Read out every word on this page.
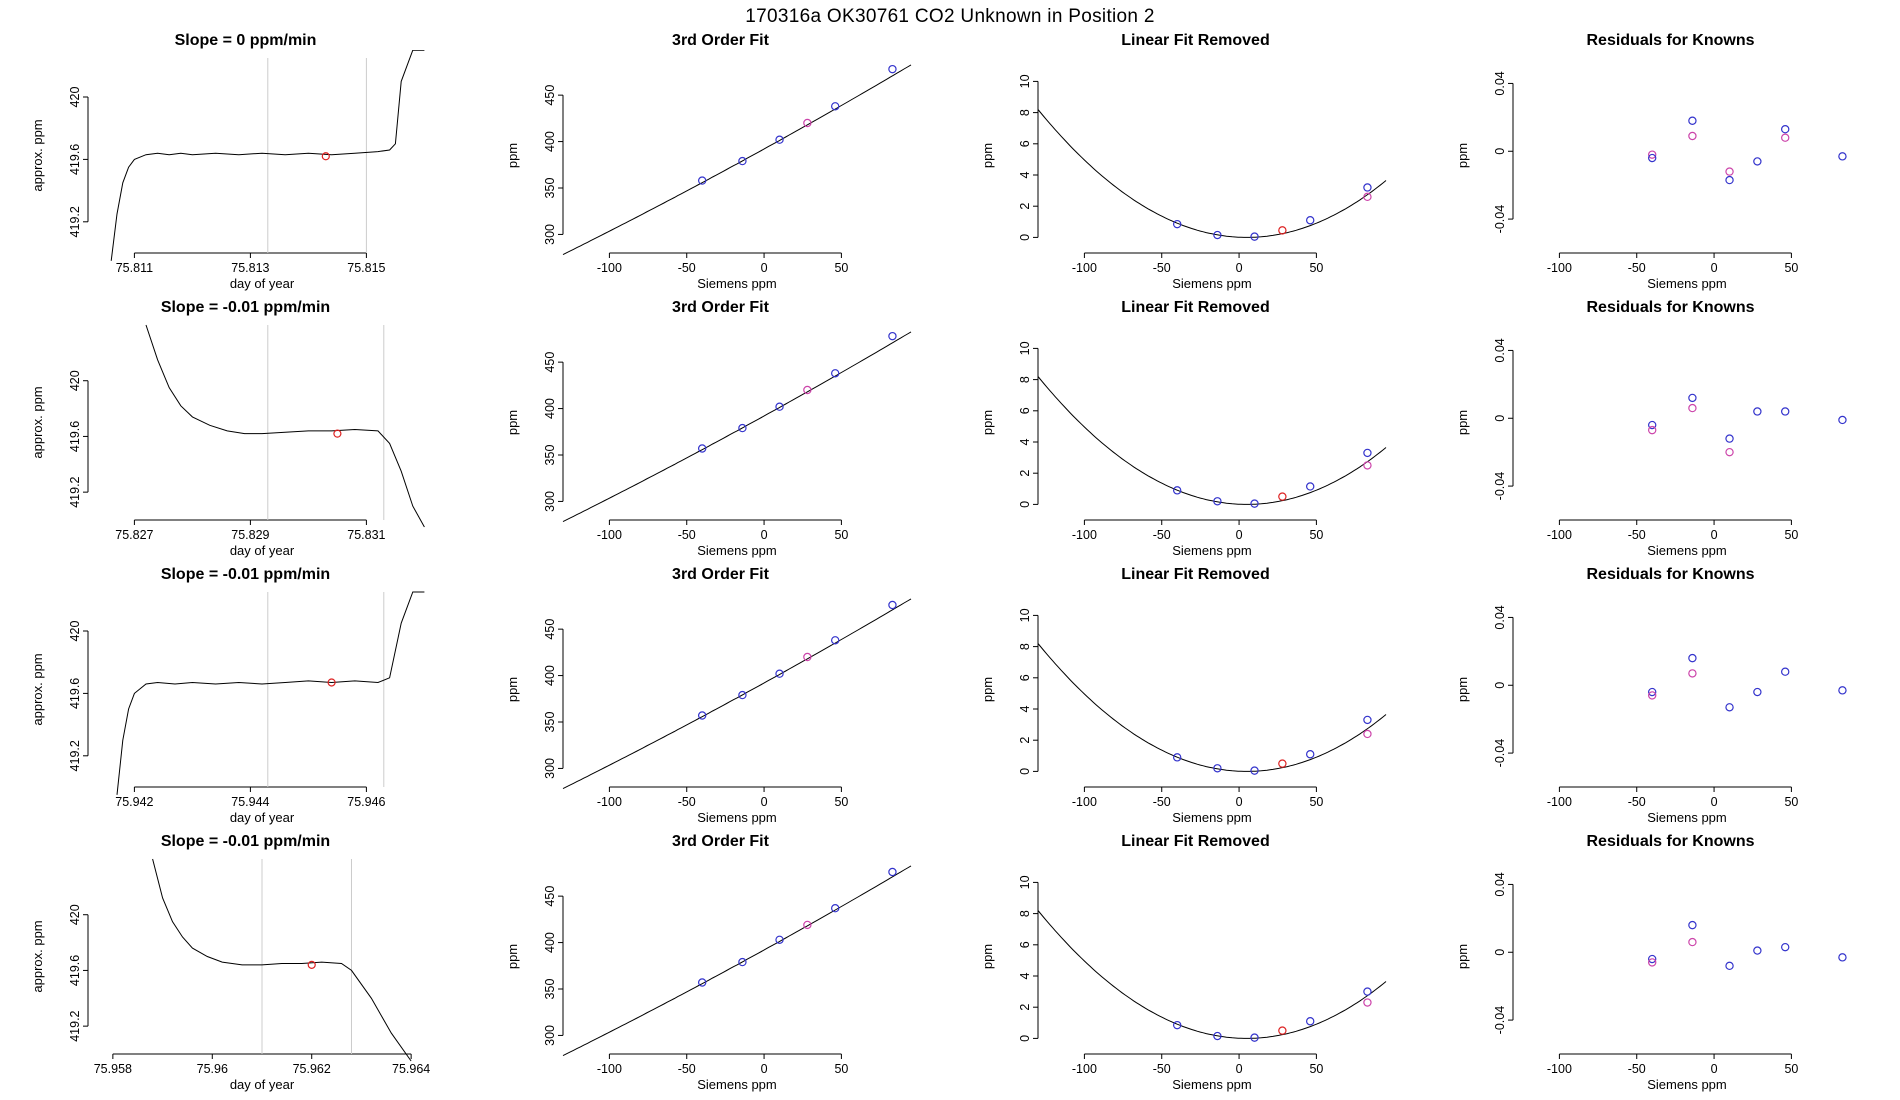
170316a OK30761 CO2 Unknown in Position 2
Slope = 0 ppm/min
75.811	75.813	75.815
419.2
419.6
420
day of year
approx. ppm
3rd Order Fit
-100	-50	0	50
300
350
400
450
Siemens ppm
ppm
Linear Fit Removed
-100	-50	0	50
0
2
4
6
8
10
Siemens ppm
ppm
Residuals for Knowns
-100	-50	0	50
-0.04
0
0.04
Siemens ppm
ppm
Slope = -0.01 ppm/min
75.827	75.829	75.831
419.2
419.6
420
day of year
approx. ppm
3rd Order Fit
-100	-50	0	50
300
350
400
450
Siemens ppm
ppm
Linear Fit Removed
-100	-50	0	50
0
2
4
6
8
10
Siemens ppm
ppm
Residuals for Knowns
-100	-50	0	50
-0.04
0
0.04
Siemens ppm
ppm
Slope = -0.01 ppm/min
75.942	75.944	75.946
419.2
419.6
420
day of year
approx. ppm
3rd Order Fit
-100	-50	0	50
300
350
400
450
Siemens ppm
ppm
Linear Fit Removed
-100	-50	0	50
0
2
4
6
8
10
Siemens ppm
ppm
Residuals for Knowns
-100	-50	0	50
-0.04
0
0.04
Siemens ppm
ppm
Slope = -0.01 ppm/min
75.958	75.96	75.962	75.964
419.2
419.6
420
day of year
approx. ppm
3rd Order Fit
-100	-50	0	50
300
350
400
450
Siemens ppm
ppm
Linear Fit Removed
-100	-50	0	50
0
2
4
6
8
10
Siemens ppm
ppm
Residuals for Knowns
-100	-50	0	50
-0.04
0
0.04
Siemens ppm
ppm
